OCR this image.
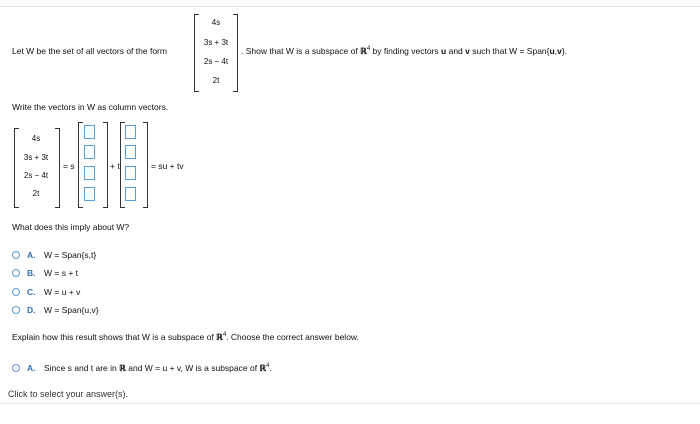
Let W be the set of all vectors of the form
4s
3s + 3t
2s − 4t
2t
. Show that W is a subspace of ℝ$^4$ by finding vectors u and v such that W = Span{u,v}.
Write the vectors in W as column vectors.
4s
3s + 3t
2s − 4t
2t
= s	+ t	= su + tv
What does this imply about W?
A. W = Span{s,t}
B. W = s + t
C. W = u + v
D. W = Span{u,v}
Explain how this result shows that W is a subspace of ℝ$^4$. Choose the correct answer below.
A. Since s and t are in ℝ and W = u + v, W is a subspace of ℝ$^4$.
Click to select your answer(s).
